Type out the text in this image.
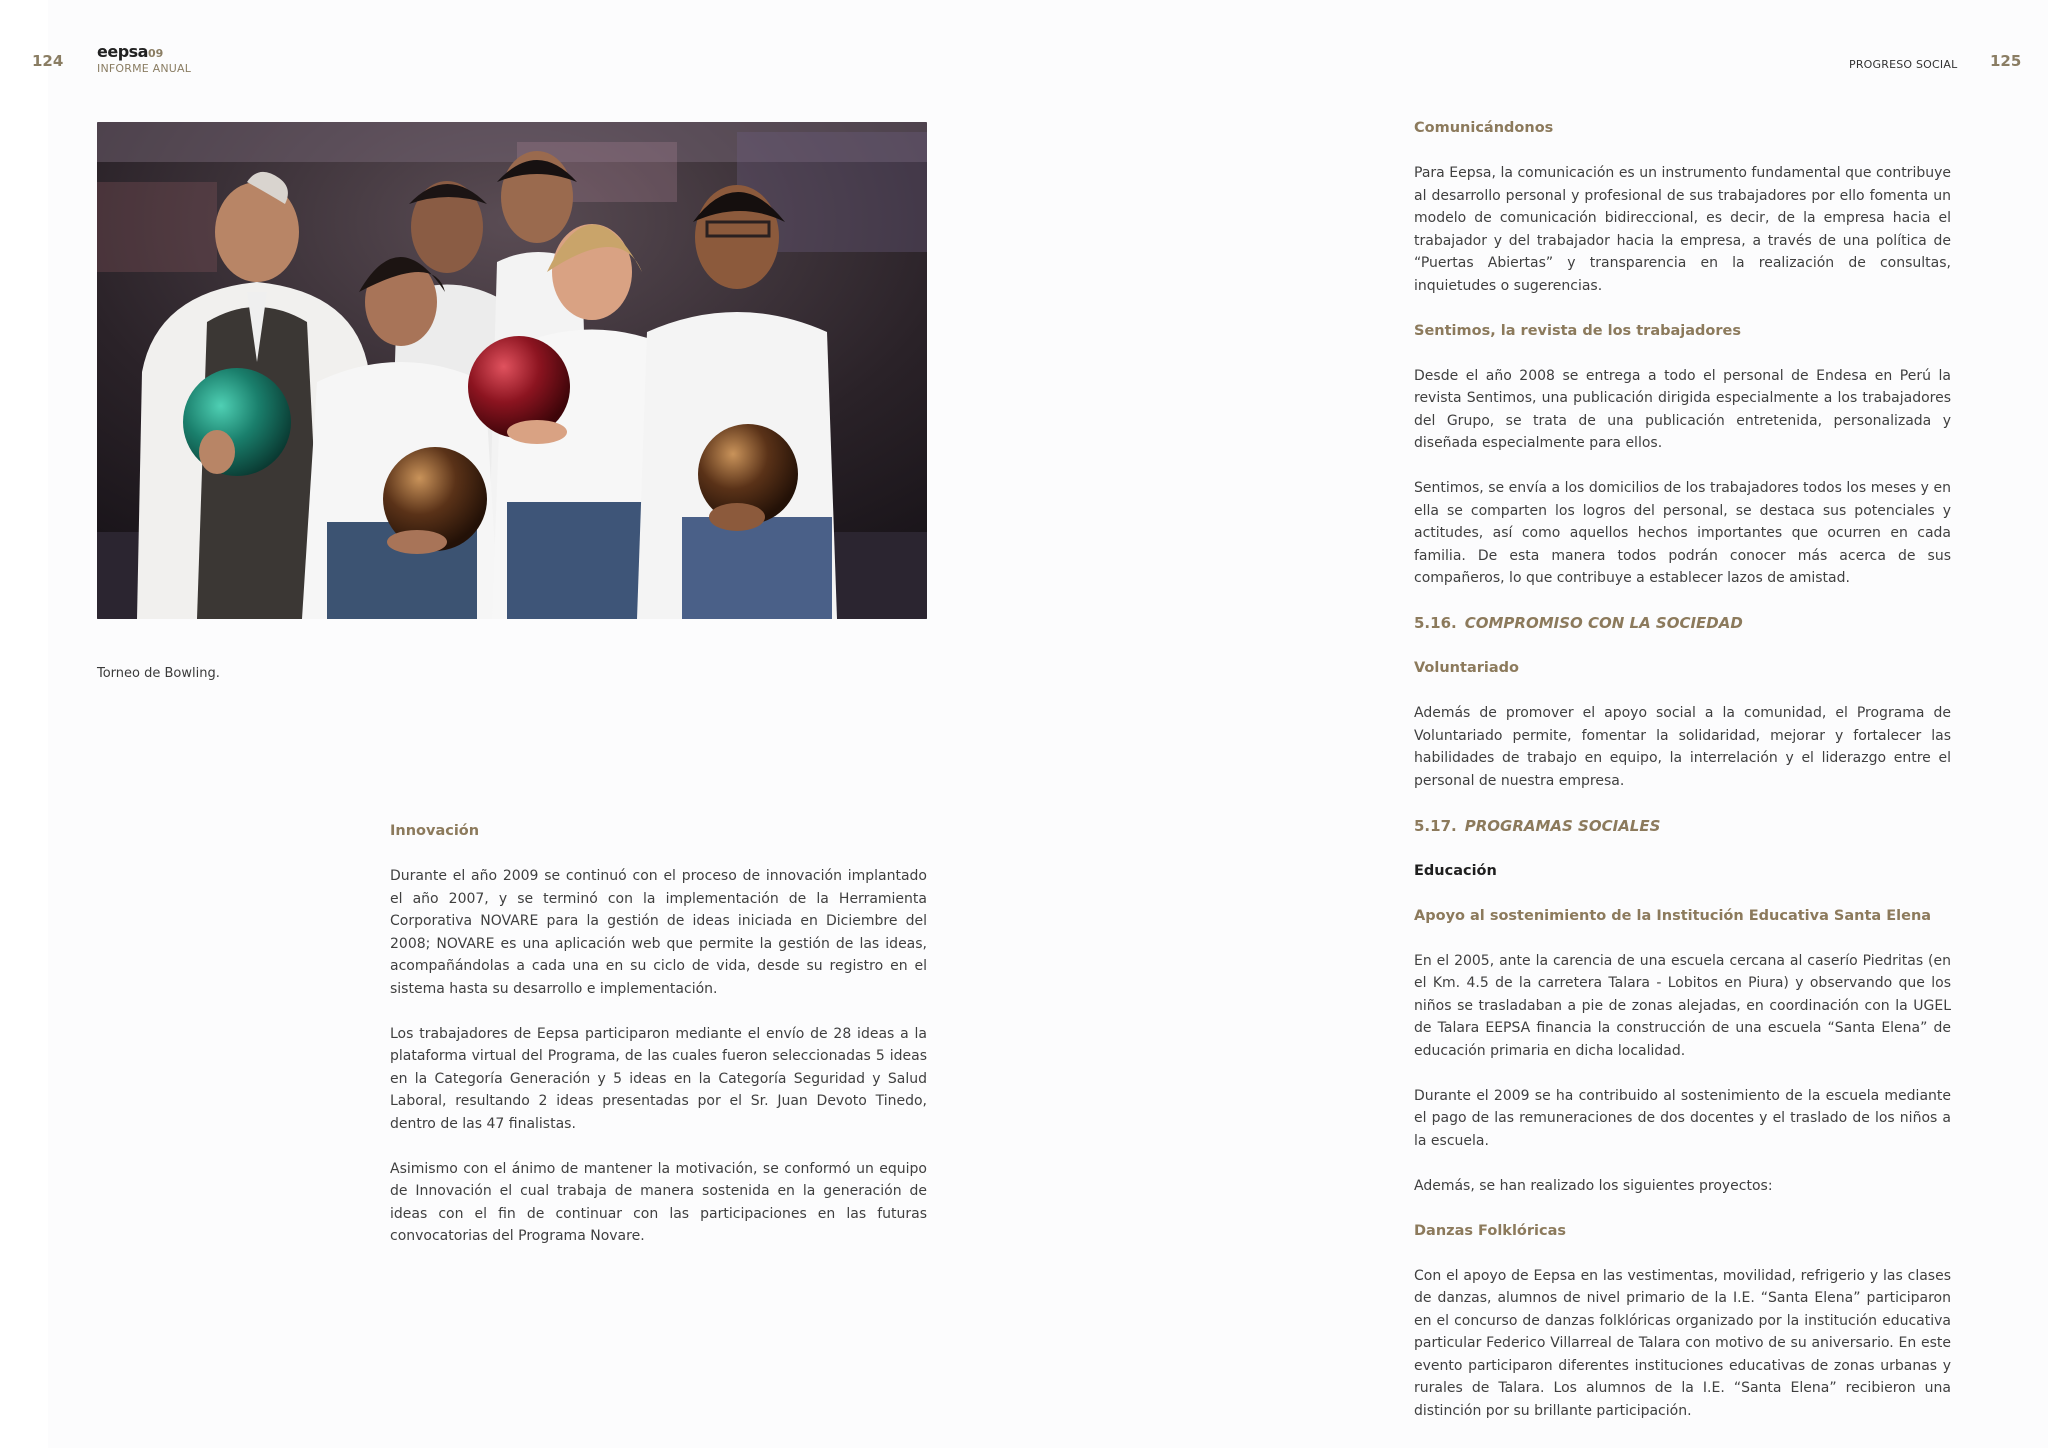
124 eepsa09
INFORME ANUAL	PROGRESO SOCIAL 125
Torneo de Bowling.
Innovación

Durante el año 2009 se continuó con el proceso de innovación implantado el año 2007, y se terminó con la implementación de la Herramienta Corporativa NOVARE para la gestión de ideas iniciada en Diciembre del 2008; NOVARE es una aplicación web que permite la gestión de las ideas, acompañándolas a cada una en su ciclo de vida, desde su registro en el sistema hasta su desarrollo e implementación.

Los trabajadores de Eepsa participaron mediante el envío de 28 ideas a la plataforma virtual del Programa, de las cuales fueron seleccionadas 5 ideas en la Categoría Generación y 5 ideas en la Categoría Seguridad y Salud Laboral, resultando 2 ideas presentadas por el Sr. Juan Devoto Tinedo, dentro de las 47 finalistas.

Asimismo con el ánimo de mantener la motivación, se conformó un equipo de Innovación el cual trabaja de manera sostenida en la generación de ideas con el fin de continuar con las participaciones en las futuras convocatorias del Programa Novare.

Comunicándonos

Para Eepsa, la comunicación es un instrumento fundamental que contribuye al desarrollo personal y profesional de sus trabajadores por ello fomenta un modelo de comunicación bidireccional, es decir, de la empresa hacia el trabajador y del trabajador hacia la empresa, a través de una política de “Puertas Abiertas” y transparencia en la realización de consultas, inquietudes o sugerencias.

Sentimos, la revista de los trabajadores

Desde el año 2008 se entrega a todo el personal de Endesa en Perú la revista Sentimos, una publicación dirigida especialmente a los trabajadores del Grupo, se trata de una publicación entretenida, personalizada y diseñada especialmente para ellos.

Sentimos, se envía a los domicilios de los trabajadores todos los meses y en ella se comparten los logros del personal, se destaca sus potenciales y actitudes, así como aquellos hechos importantes que ocurren en cada familia. De esta manera todos podrán conocer más acerca de sus compañeros, lo que contribuye a establecer lazos de amistad.

5.16. COMPROMISO CON LA SOCIEDAD
Voluntariado

Además de promover el apoyo social a la comunidad, el Programa de Voluntariado permite, fomentar la solidaridad, mejorar y fortalecer las habilidades de trabajo en equipo, la interrelación y el liderazgo entre el personal de nuestra empresa.

5.17. PROGRAMAS SOCIALES
Educación
Apoyo al sostenimiento de la Institución Educativa Santa Elena

En el 2005, ante la carencia de una escuela cercana al caserío Piedritas (en el Km. 4.5 de la carretera Talara - Lobitos en Piura) y observando que los niños se trasladaban a pie de zonas alejadas, en coordinación con la UGEL de Talara EEPSA financia la construcción de una escuela “Santa Elena” de educación primaria en dicha localidad.

Durante el 2009 se ha contribuido al sostenimiento de la escuela mediante el pago de las remuneraciones de dos docentes y el traslado de los niños a la escuela.

Además, se han realizado los siguientes proyectos:

Danzas Folklóricas

Con el apoyo de Eepsa en las vestimentas, movilidad, refrigerio y las clases de danzas, alumnos de nivel primario de la I.E. “Santa Elena” participaron en el concurso de danzas folklóricas organizado por la institución educativa particular Federico Villarreal de Talara con motivo de su aniversario. En este evento participaron diferentes instituciones educativas de zonas urbanas y rurales de Talara. Los alumnos de la I.E. “Santa Elena” recibieron una distinción por su brillante participación.
